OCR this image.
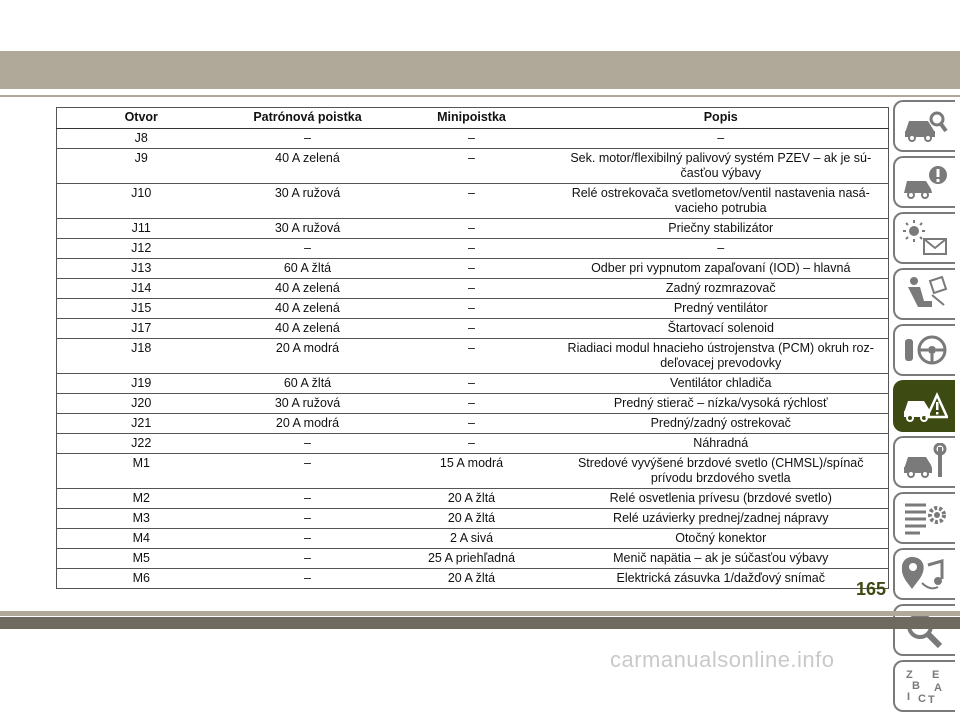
Otvor	Patrónová poistka	Minipoistka	Popis
J8	–	–	–
J9	40 A zelená	–	Sek. motor/flexibilný palivový systém PZEV – ak je sú-
časťou výbavy
J10	30 A ružová	–	Relé ostrekovača svetlometov/ventil nastavenia nasá-
vacieho potrubia
J11	30 A ružová	–	Priečny stabilizátor
J12	–	–	–
J13	60 A žltá	–	Odber pri vypnutom zapaľovaní (IOD) – hlavná
J14	40 A zelená	–	Zadný rozmrazovač
J15	40 A zelená	–	Predný ventilátor
J17	40 A zelená	–	Štartovací solenoid
J18	20 A modrá	–	Riadiaci modul hnacieho ústrojenstva (PCM) okruh roz-
deľovacej prevodovky
J19	60 A žltá	–	Ventilátor chladiča
J20	30 A ružová	–	Predný stierač – nízka/vysoká rýchlosť
J21	20 A modrá	–	Predný/zadný ostrekovač
J22	–	–	Náhradná
M1	–	15 A modrá	Stredové vyvýšené brzdové svetlo (CHMSL)/spínač
prívodu brzdového svetla
M2	–	20 A žltá	Relé osvetlenia prívesu (brzdové svetlo)
M3	–	20 A žltá	Relé uzávierky prednej/zadnej nápravy
M4	–	2 A sivá	Otočný konektor
M5	–	25 A priehľadná	Menič napätia – ak je súčasťou výbavy
M6	–	20 A žltá	Elektrická zásuvka 1/dažďový snímač
Z E
B A
C T
I
165
carmanualsonline.info
